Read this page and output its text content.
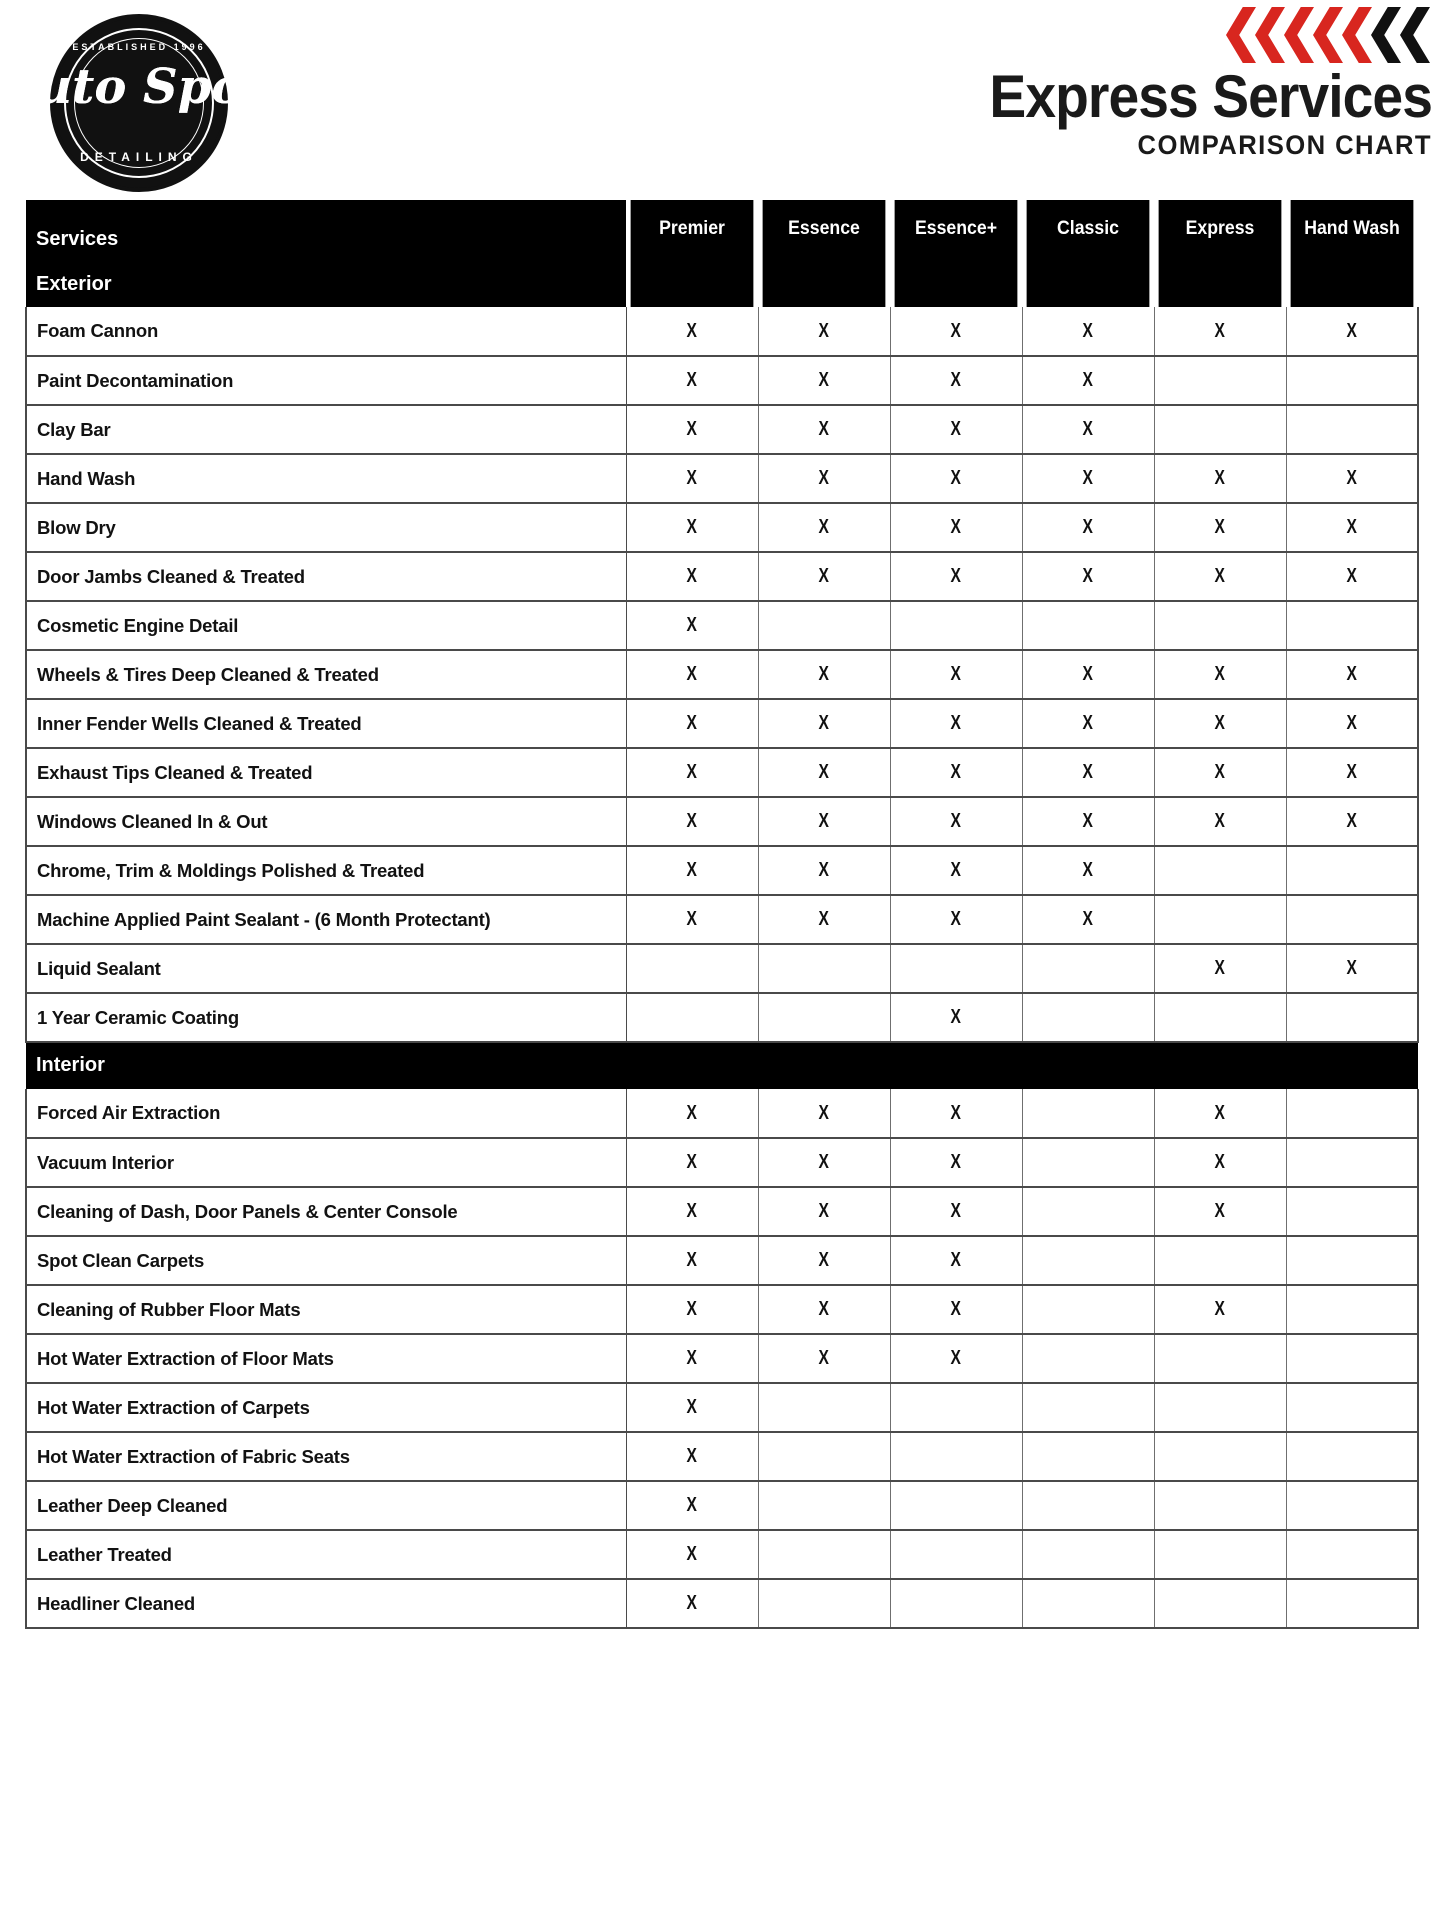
ESTABLISHED 1996
DETAILING
Auto Sport	Express Services
COMPARISON CHART
Services
Exterior	Premier	Essence	Essence+	Classic	Express	Hand Wash
Foam Cannon	X	X	X	X	X	X
Paint Decontamination	X	X	X	X		
Clay Bar	X	X	X	X		
Hand Wash	X	X	X	X	X	X
Blow Dry	X	X	X	X	X	X
Door Jambs Cleaned & Treated	X	X	X	X	X	X
Cosmetic Engine Detail	X					
Wheels & Tires Deep Cleaned & Treated	X	X	X	X	X	X
Inner Fender Wells Cleaned & Treated	X	X	X	X	X	X
Exhaust Tips Cleaned & Treated	X	X	X	X	X	X
Windows Cleaned In & Out	X	X	X	X	X	X
Chrome, Trim & Moldings Polished & Treated	X	X	X	X		
Machine Applied Paint Sealant - (6 Month Protectant)	X	X	X	X		
Liquid Sealant					X	X
1 Year Ceramic Coating			X			
Interior						
Forced Air Extraction	X	X	X		X	
Vacuum Interior	X	X	X		X	
Cleaning of Dash, Door Panels & Center Console	X	X	X		X	
Spot Clean Carpets	X	X	X			
Cleaning of Rubber Floor Mats	X	X	X		X	
Hot Water Extraction of Floor Mats	X	X	X			
Hot Water Extraction of Carpets	X					
Hot Water Extraction of Fabric Seats	X					
Leather Deep Cleaned	X					
Leather Treated	X					
Headliner Cleaned	X					
